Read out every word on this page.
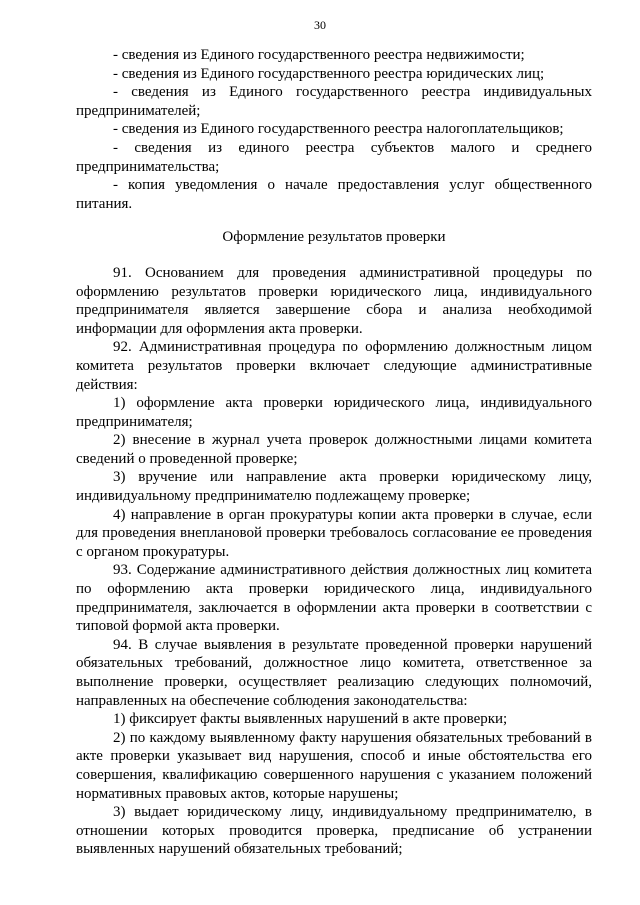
30

- сведения из Единого государственного реестра недвижимости;

- сведения из Единого государственного реестра юридических лиц;

- сведения из Единого государственного реестра индивидуальных предпринимателей;

- сведения из Единого государственного реестра налогоплательщиков;

- сведения из единого реестра субъектов малого и среднего предпринимательства;

- копия уведомления о начале предоставления услуг общественного питания.

Оформление результатов проверки

91. Основанием для проведения административной процедуры по оформлению результатов проверки юридического лица, индивидуального предпринимателя является завершение сбора и анализа необходимой информации для оформления акта проверки.

92. Административная процедура по оформлению должностным лицом комитета результатов проверки включает следующие административные действия:

1) оформление акта проверки юридического лица, индивидуального предпринимателя;

2) внесение в журнал учета проверок должностными лицами комитета сведений о проведенной проверке;

3) вручение или направление акта проверки юридическому лицу, индивидуальному предпринимателю подлежащему проверке;

4) направление в орган прокуратуры копии акта проверки в случае, если для проведения внеплановой проверки требовалось согласование ее проведения с органом прокуратуры.

93. Содержание административного действия должностных лиц комитета по оформлению акта проверки юридического лица, индивидуального предпринимателя, заключается в оформлении акта проверки в соответствии с типовой формой акта проверки.

94. В случае выявления в результате проведенной проверки нарушений обязательных требований, должностное лицо комитета, ответственное за выполнение проверки, осуществляет реализацию следующих полномочий, направленных на обеспечение соблюдения законодательства:

1) фиксирует факты выявленных нарушений в акте проверки;

2) по каждому выявленному факту нарушения обязательных требований в акте проверки указывает вид нарушения, способ и иные обстоятельства его совершения, квалификацию совершенного нарушения с указанием положений нормативных правовых актов, которые нарушены;

3) выдает юридическому лицу, индивидуальному предпринимателю, в отношении которых проводится проверка, предписание об устранении выявленных нарушений обязательных требований;
